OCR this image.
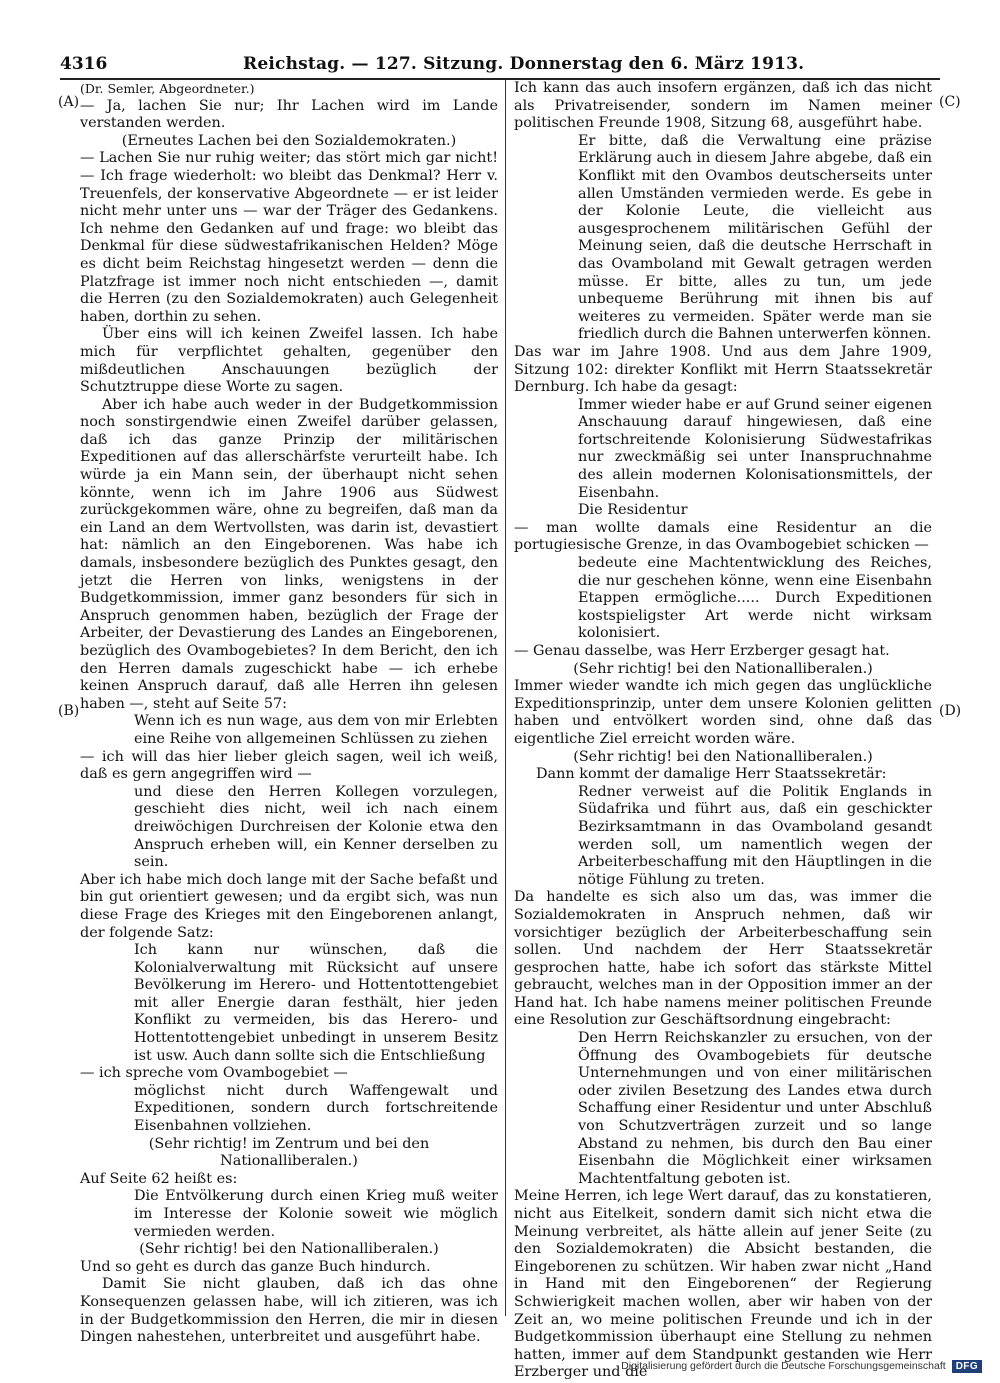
4316	Reichstag. — 127. Sitzung. Donnerstag den 6. März 1913.
(A)
(B)
(C)
(D)

(Dr. Semler, Abgeordneter.)

— Ja, lachen Sie nur; Ihr Lachen wird im Lande verstanden werden.

(Erneutes Lachen bei den Sozialdemokraten.)

— Lachen Sie nur ruhig weiter; das stört mich gar nicht! — Ich frage wiederholt: wo bleibt das Denkmal? Herr v. Treuenfels, der konservative Abgeordnete — er ist leider nicht mehr unter uns — war der Träger des Gedankens. Ich nehme den Gedanken auf und frage: wo bleibt das Denkmal für diese südwestafrikanischen Helden? Möge es dicht beim Reichstag hingesetzt werden — denn die Platzfrage ist immer noch nicht entschieden —, damit die Herren (zu den Sozialdemokraten) auch Gelegenheit haben, dorthin zu sehen.

Über eins will ich keinen Zweifel lassen. Ich habe mich für verpflichtet gehalten, gegenüber den mißdeutlichen Anschauungen bezüglich der Schutztruppe diese Worte zu sagen.

Aber ich habe auch weder in der Budgetkommission noch sonstirgendwie einen Zweifel darüber gelassen, daß ich das ganze Prinzip der militärischen Expeditionen auf das allerschärfste verurteilt habe. Ich würde ja ein Mann sein, der überhaupt nicht sehen könnte, wenn ich im Jahre 1906 aus Südwest zurückgekommen wäre, ohne zu begreifen, daß man da ein Land an dem Wertvollsten, was darin ist, devastiert hat: nämlich an den Eingeborenen. Was habe ich damals, insbesondere bezüglich des Punktes gesagt, den jetzt die Herren von links, wenigstens in der Budgetkommission, immer ganz besonders für sich in Anspruch genommen haben, bezüglich der Frage der Arbeiter, der Devastierung des Landes an Eingeborenen, bezüglich des Ovambogebietes? In dem Bericht, den ich den Herren damals zugeschickt habe — ich erhebe keinen Anspruch darauf, daß alle Herren ihn gelesen haben —, steht auf Seite 57:

Wenn ich es nun wage, aus dem von mir Erlebten eine Reihe von allgemeinen Schlüssen zu ziehen

— ich will das hier lieber gleich sagen, weil ich weiß, daß es gern angegriffen wird —

und diese den Herren Kollegen vorzulegen, geschieht dies nicht, weil ich nach einem dreiwöchigen Durchreisen der Kolonie etwa den Anspruch erheben will, ein Kenner derselben zu sein.

Aber ich habe mich doch lange mit der Sache befaßt und bin gut orientiert gewesen; und da ergibt sich, was nun diese Frage des Krieges mit den Eingeborenen anlangt, der folgende Satz:

Ich kann nur wünschen, daß die Kolonialverwaltung mit Rücksicht auf unsere Bevölkerung im Herero- und Hottentottengebiet mit aller Energie daran festhält, hier jeden Konflikt zu vermeiden, bis das Herero- und Hottentottengebiet unbedingt in unserem Besitz ist usw. Auch dann sollte sich die Entschließung

— ich spreche vom Ovambogebiet —

möglichst nicht durch Waffengewalt und Expeditionen, sondern durch fortschreitende Eisenbahnen vollziehen.

(Sehr richtig! im Zentrum und bei den Nationalliberalen.)

Auf Seite 62 heißt es:

Die Entvölkerung durch einen Krieg muß weiter im Interesse der Kolonie soweit wie möglich vermieden werden.

(Sehr richtig! bei den Nationalliberalen.)

Und so geht es durch das ganze Buch hindurch.

Damit Sie nicht glauben, daß ich das ohne Konsequenzen gelassen habe, will ich zitieren, was ich in der Budgetkommission den Herren, die mir in diesen Dingen nahestehen, unterbreitet und ausgeführt habe.

Ich kann das auch insofern ergänzen, daß ich das nicht als Privatreisender, sondern im Namen meiner politischen Freunde 1908, Sitzung 68, ausgeführt habe.

Er bitte, daß die Verwaltung eine präzise Erklärung auch in diesem Jahre abgebe, daß ein Konflikt mit den Ovambos deutscherseits unter allen Umständen vermieden werde. Es gebe in der Kolonie Leute, die vielleicht aus ausgesprochenem militärischen Gefühl der Meinung seien, daß die deutsche Herrschaft in das Ovamboland mit Gewalt getragen werden müsse. Er bitte, alles zu tun, um jede unbequeme Berührung mit ihnen bis auf weiteres zu vermeiden. Später werde man sie friedlich durch die Bahnen unterwerfen können.

Das war im Jahre 1908. Und aus dem Jahre 1909, Sitzung 102: direkter Konflikt mit Herrn Staatssekretär Dernburg. Ich habe da gesagt:

Immer wieder habe er auf Grund seiner eigenen Anschauung darauf hingewiesen, daß eine fortschreitende Kolonisierung Südwestafrikas nur zweckmäßig sei unter Inanspruchnahme des allein modernen Kolonisationsmittels, der Eisenbahn.

Die Residentur

— man wollte damals eine Residentur an die portugiesische Grenze, in das Ovambogebiet schicken —

bedeute eine Machtentwicklung des Reiches, die nur geschehen könne, wenn eine Eisenbahn Etappen ermögliche..... Durch Expeditionen kostspieligster Art werde nicht wirksam kolonisiert.

— Genau dasselbe, was Herr Erzberger gesagt hat.

(Sehr richtig! bei den Nationalliberalen.)

Immer wieder wandte ich mich gegen das unglückliche Expeditionsprinzip, unter dem unsere Kolonien gelitten haben und entvölkert worden sind, ohne daß das eigentliche Ziel erreicht worden wäre.

(Sehr richtig! bei den Nationalliberalen.)

Dann kommt der damalige Herr Staatssekretär:

Redner verweist auf die Politik Englands in Südafrika und führt aus, daß ein geschickter Bezirksamtmann in das Ovamboland gesandt werden soll, um namentlich wegen der Arbeiterbeschaffung mit den Häuptlingen in die nötige Fühlung zu treten.

Da handelte es sich also um das, was immer die Sozialdemokraten in Anspruch nehmen, daß wir vorsichtiger bezüglich der Arbeiterbeschaffung sein sollen. Und nachdem der Herr Staatssekretär gesprochen hatte, habe ich sofort das stärkste Mittel gebraucht, welches man in der Opposition immer an der Hand hat. Ich habe namens meiner politischen Freunde eine Resolution zur Geschäftsordnung eingebracht:

Den Herrn Reichskanzler zu ersuchen, von der Öffnung des Ovambogebiets für deutsche Unternehmungen und von einer militärischen oder zivilen Besetzung des Landes etwa durch Schaffung einer Residentur und unter Abschluß von Schutzverträgen zurzeit und so lange Abstand zu nehmen, bis durch den Bau einer Eisenbahn die Möglichkeit einer wirksamen Machtentfaltung geboten ist.

Meine Herren, ich lege Wert darauf, das zu konstatieren, nicht aus Eitelkeit, sondern damit sich nicht etwa die Meinung verbreitet, als hätte allein auf jener Seite (zu den Sozialdemokraten) die Absicht bestanden, die Eingeborenen zu schützen. Wir haben zwar nicht „Hand in Hand mit den Eingeborenen“ der Regierung Schwierigkeit machen wollen, aber wir haben von der Zeit an, wo meine politischen Freunde und ich in der Budgetkommission überhaupt eine Stellung zu nehmen hatten, immer auf dem Standpunkt gestanden wie Herr Erzberger und die

Digitalisierung gefördert durch die Deutsche Forschungsgemeinschaft	DFG
